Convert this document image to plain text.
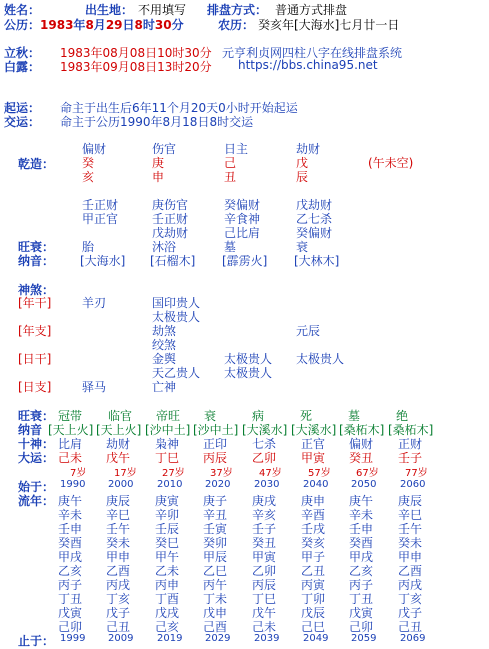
姓名：	出生地： 不用填写 排盘方式： 普通方式排盘
公历：1983年8月29日8时30分	农历： 癸亥年[大海水]七月廿一日
立秋： 1983年08月08日10时30分 元亨利贞网四柱八字在线排盘系统
白露： 1983年09月08日13时20分 https://bbs.china95.net
起运： 命主于出生后6年11个月20天0小时开始起运
交运： 命主于公历1990年8月18日8时交运
偏财	伤官	日主	劫财
乾造： 癸	庚	己	戊	(午未空)
亥	申	丑	辰
壬正财	庚伤官	癸偏财	戊劫财
甲正官	壬正财	辛食神	乙七杀
戊劫财	己比肩	癸偏财
旺衰： 胎	沐浴	墓	衰
纳音： [大海水] [石榴木] [霹雳火] [大林木]
神煞：
[年干]	羊刃	国印贵人
太极贵人
[年支]	劫煞	元辰
绞煞
[日干]	金舆	太极贵人 太极贵人
天乙贵人 太极贵人
[日支]	驿马	亡神
旺衰： 冠带 临官 帝旺 衰	病	死	墓	绝
纳音 [天上火] [天上火] [沙中土] [沙中土] [大溪水] [大溪水] [桑柘木] [桑柘木]
十神： 比肩 劫财 枭神 正印 七杀 正官 偏财 正财
大运： 己未 戊午 丁巳 丙辰 乙卯 甲寅 癸丑 壬子
7岁	17岁	27岁	37岁	47岁	57岁	67岁	77岁
始于： 1990 2000 2010 2020 2030 2040 2050 2060
流年： 庚午 庚辰 庚寅 庚子 庚戌 庚申 庚午 庚辰
辛未 辛巳 辛卯 辛丑 辛亥 辛酉 辛未 辛巳
壬申 壬午 壬辰 壬寅 壬子 壬戌 壬申 壬午
癸酉 癸未 癸巳 癸卯 癸丑 癸亥 癸酉 癸未
甲戌 甲申 甲午 甲辰 甲寅 甲子 甲戌 甲申
乙亥 乙酉 乙未 乙巳 乙卯 乙丑 乙亥 乙酉
丙子 丙戌 丙申 丙午 丙辰 丙寅 丙子 丙戌
丁丑 丁亥 丁酉 丁未 丁巳 丁卯 丁丑 丁亥
戊寅 戊子 戊戌 戊申 戊午 戊辰 戊寅 戊子
己卯 己丑 己亥 己酉 己未 己巳 己卯 己丑
止于： 1999 2009 2019 2029 2039 2049 2059 2069
